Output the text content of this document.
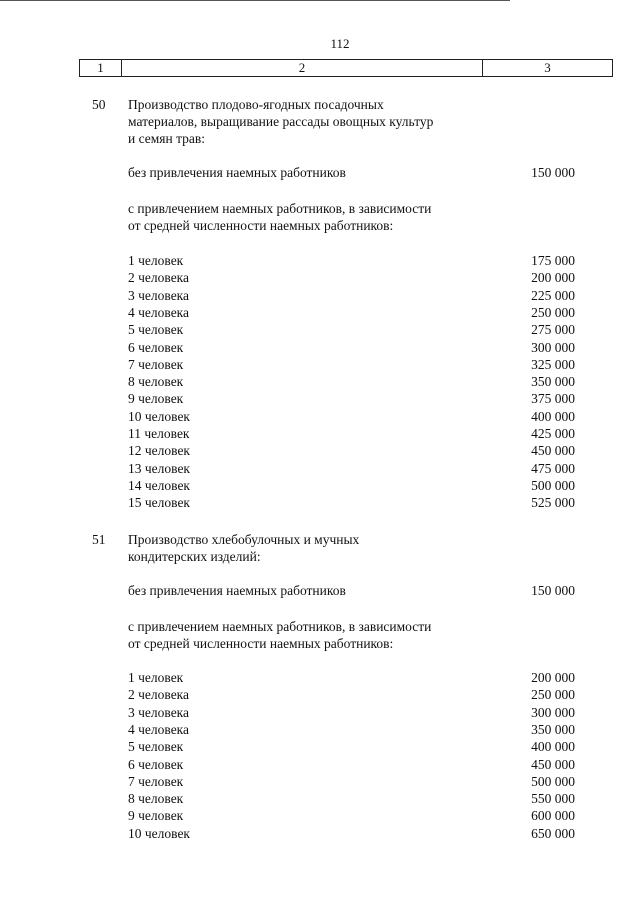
112
1	2	3
50 Производство плодово-ягодных посадочных
материалов, выращивание рассады овощных культур
и семян трав:
без привлечения наемных работников	150 000
с привлечением наемных работников, в зависимости
от средней численности наемных работников:
1 человек	175 000
2 человека	200 000
3 человека	225 000
4 человека	250 000
5 человек	275 000
6 человек	300 000
7 человек	325 000
8 человек	350 000
9 человек	375 000
10 человек	400 000
11 человек	425 000
12 человек	450 000
13 человек	475 000
14 человек	500 000
15 человек	525 000
51 Производство хлебобулочных и мучных
кондитерских изделий:
без привлечения наемных работников	150 000
с привлечением наемных работников, в зависимости
от средней численности наемных работников:
1 человек	200 000
2 человека	250 000
3 человека	300 000
4 человека	350 000
5 человек	400 000
6 человек	450 000
7 человек	500 000
8 человек	550 000
9 человек	600 000
10 человек	650 000
